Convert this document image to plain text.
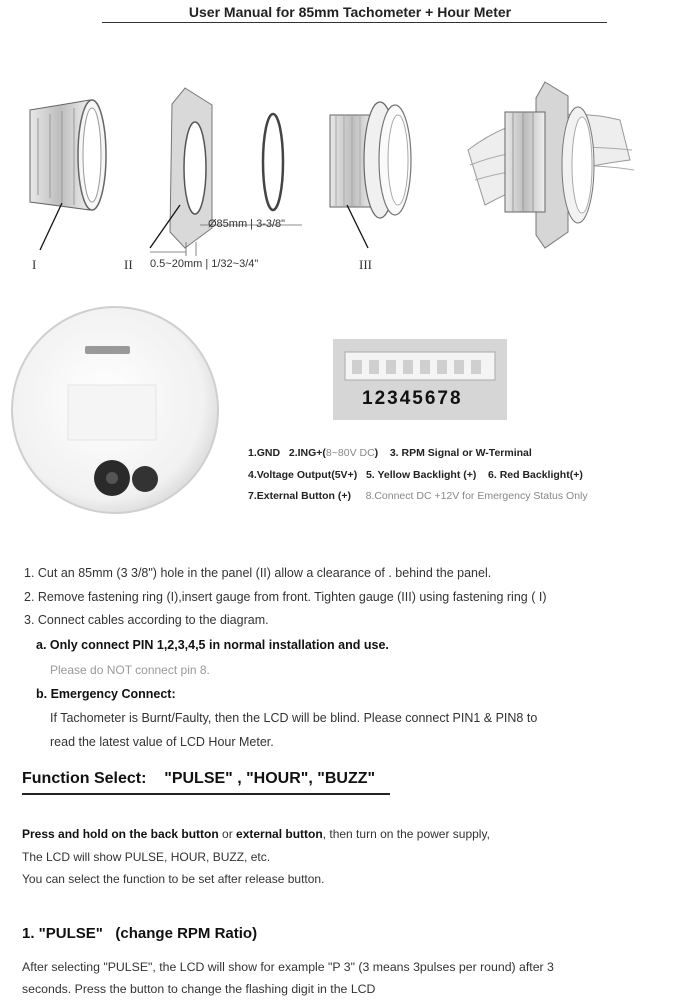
User Manual for 85mm Tachometer + Hour Meter
Ø85mm | 3-3/8"
0.5~20mm | 1/32~3/4"
I	II	III
12345678
1.GND 2.ING+(8~80V DC) 3. RPM Signal or W-Terminal
4.Voltage Output(5V+) 5. Yellow Backlight (+) 6. Red Backlight(+)
7.External Button (+) 8.Connect DC +12V for Emergency Status Only
1. Cut an 85mm (3 3/8") hole in the panel (II) allow a clearance of . behind the panel.
2. Remove fastening ring (I),insert gauge from front. Tighten gauge (III) using fastening ring ( I)
3. Connect cables according to the diagram.
a. Only connect PIN 1,2,3,4,5 in normal installation and use.
Please do NOT connect pin 8.
b. Emergency Connect:
If Tachometer is Burnt/Faulty, then the LCD will be blind. Please connect PIN1 & PIN8 to
read the latest value of LCD Hour Meter.
Function Select:    "PULSE" , "HOUR", "BUZZ"
Press and hold on the back button or external button, then turn on the power supply,
The LCD will show PULSE, HOUR, BUZZ, etc.
You can select the function to be set after release button.
1. "PULSE"   (change RPM Ratio)
After selecting "PULSE", the LCD will show for example "P 3" (3 means 3pulses per round) after 3
seconds. Press the button to change the flashing digit in the LCD
